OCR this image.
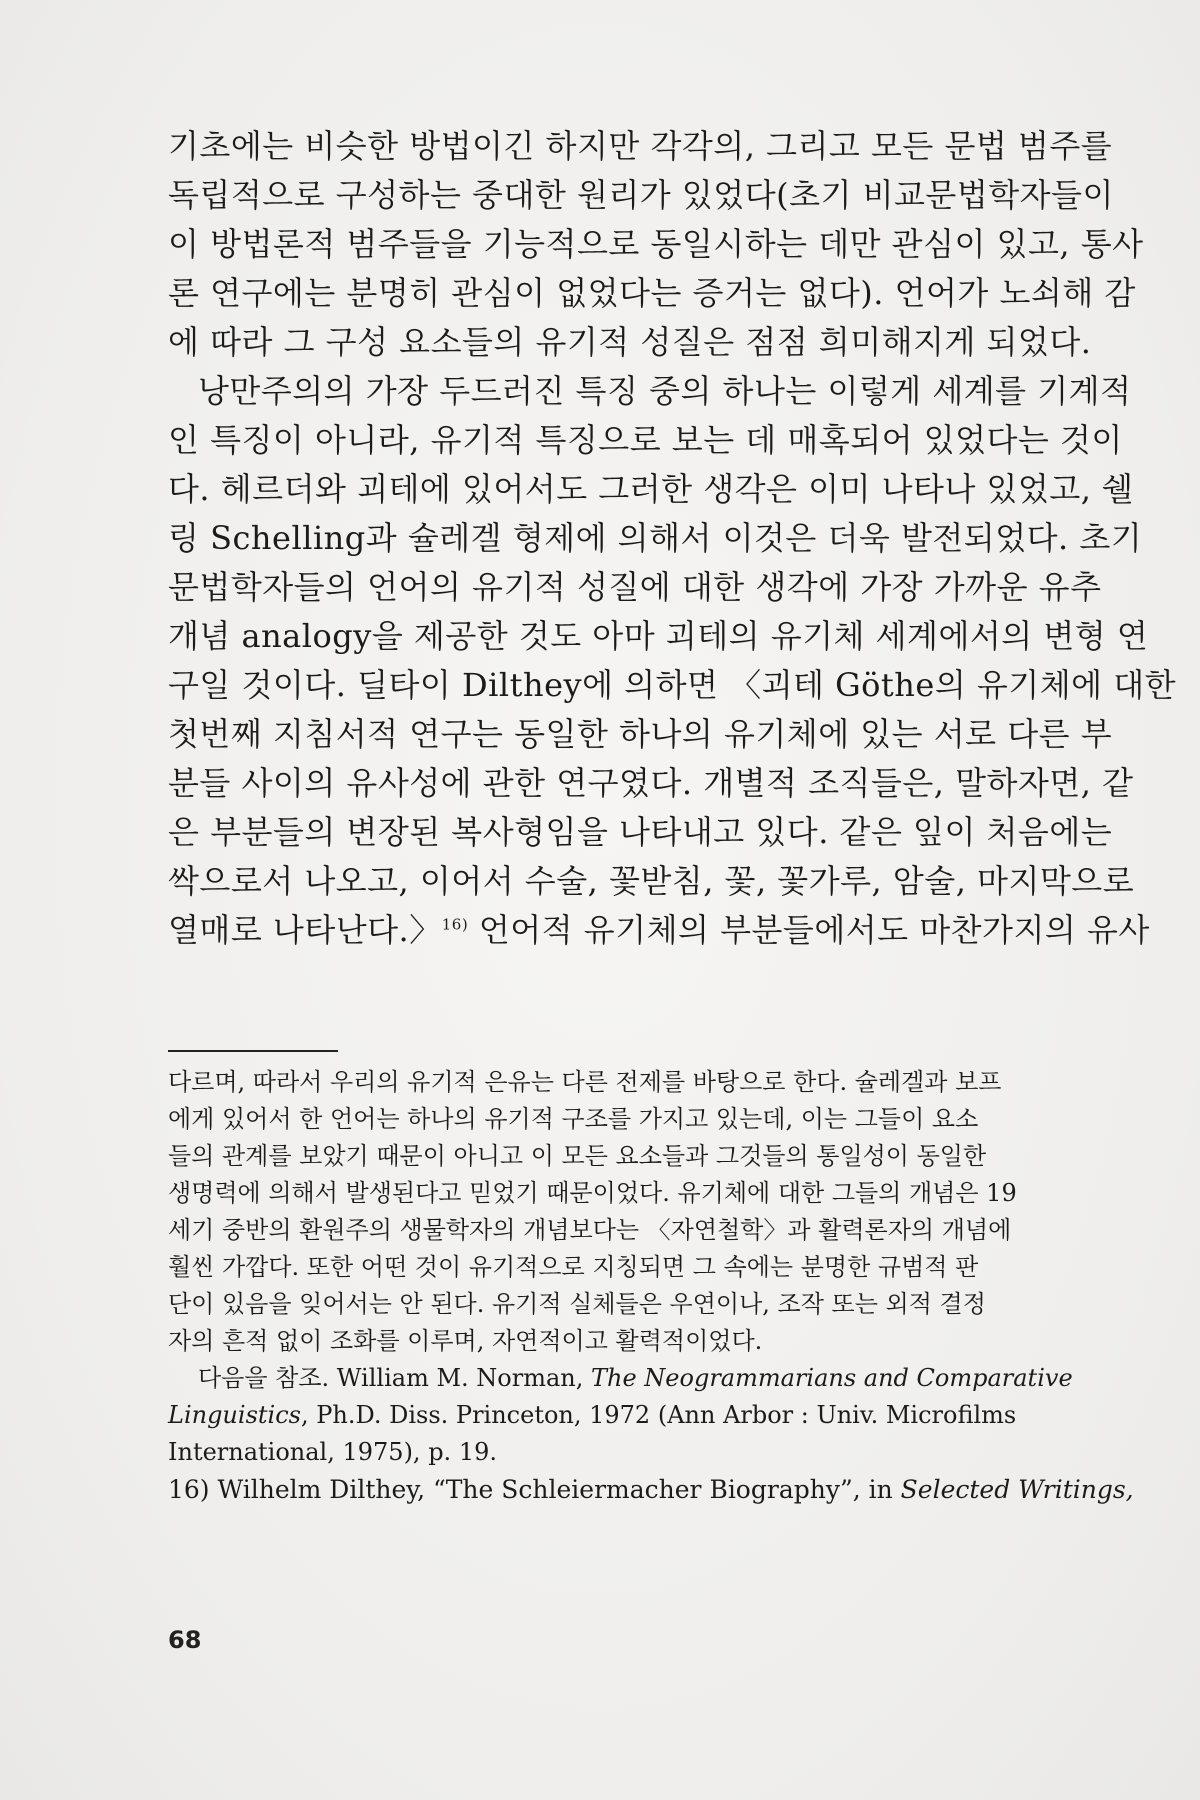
기초에는 비슷한 방법이긴 하지만 각각의, 그리고 모든 문법 범주를
독립적으로 구성하는 중대한 원리가 있었다(초기 비교문법학자들이
이 방법론적 범주들을 기능적으로 동일시하는 데만 관심이 있고, 통사
론 연구에는 분명히 관심이 없었다는 증거는 없다). 언어가 노쇠해 감
에 따라 그 구성 요소들의 유기적 성질은 점점 희미해지게 되었다.
낭만주의의 가장 두드러진 특징 중의 하나는 이렇게 세계를 기계적
인 특징이 아니라, 유기적 특징으로 보는 데 매혹되어 있었다는 것이
다. 헤르더와 괴테에 있어서도 그러한 생각은 이미 나타나 있었고, 쉘
링 Schelling과 슐레겔 형제에 의해서 이것은 더욱 발전되었다. 초기
문법학자들의 언어의 유기적 성질에 대한 생각에 가장 가까운 유추
개념 analogy을 제공한 것도 아마 괴테의 유기체 세계에서의 변형 연
구일 것이다. 딜타이 Dilthey에 의하면 〈괴테 Göthe의 유기체에 대한
첫번째 지침서적 연구는 동일한 하나의 유기체에 있는 서로 다른 부
분들 사이의 유사성에 관한 연구였다. 개별적 조직들은, 말하자면, 같
은 부분들의 변장된 복사형임을 나타내고 있다. 같은 잎이 처음에는
싹으로서 나오고, 이어서 수술, 꽃받침, 꽃, 꽃가루, 암술, 마지막으로
열매로 나타난다.〉$^{16)}$ 언어적 유기체의 부분들에서도 마찬가지의 유사
다르며, 따라서 우리의 유기적 은유는 다른 전제를 바탕으로 한다. 슐레겔과 보프
에게 있어서 한 언어는 하나의 유기적 구조를 가지고 있는데, 이는 그들이 요소
들의 관계를 보았기 때문이 아니고 이 모든 요소들과 그것들의 통일성이 동일한
생명력에 의해서 발생된다고 믿었기 때문이었다. 유기체에 대한 그들의 개념은 19
세기 중반의 환원주의 생물학자의 개념보다는 〈자연철학〉과 활력론자의 개념에
훨씬 가깝다. 또한 어떤 것이 유기적으로 지칭되면 그 속에는 분명한 규범적 판
단이 있음을 잊어서는 안 된다. 유기적 실체들은 우연이나, 조작 또는 외적 결정
자의 흔적 없이 조화를 이루며, 자연적이고 활력적이었다.
다음을 참조. William M. Norman, The Neogrammarians and Comparative
Linguistics, Ph.D. Diss. Princeton, 1972 (Ann Arbor : Univ. Microfilms
International, 1975), p. 19.
16) Wilhelm Dilthey, “The Schleiermacher Biography”, in Selected Writings,
68
